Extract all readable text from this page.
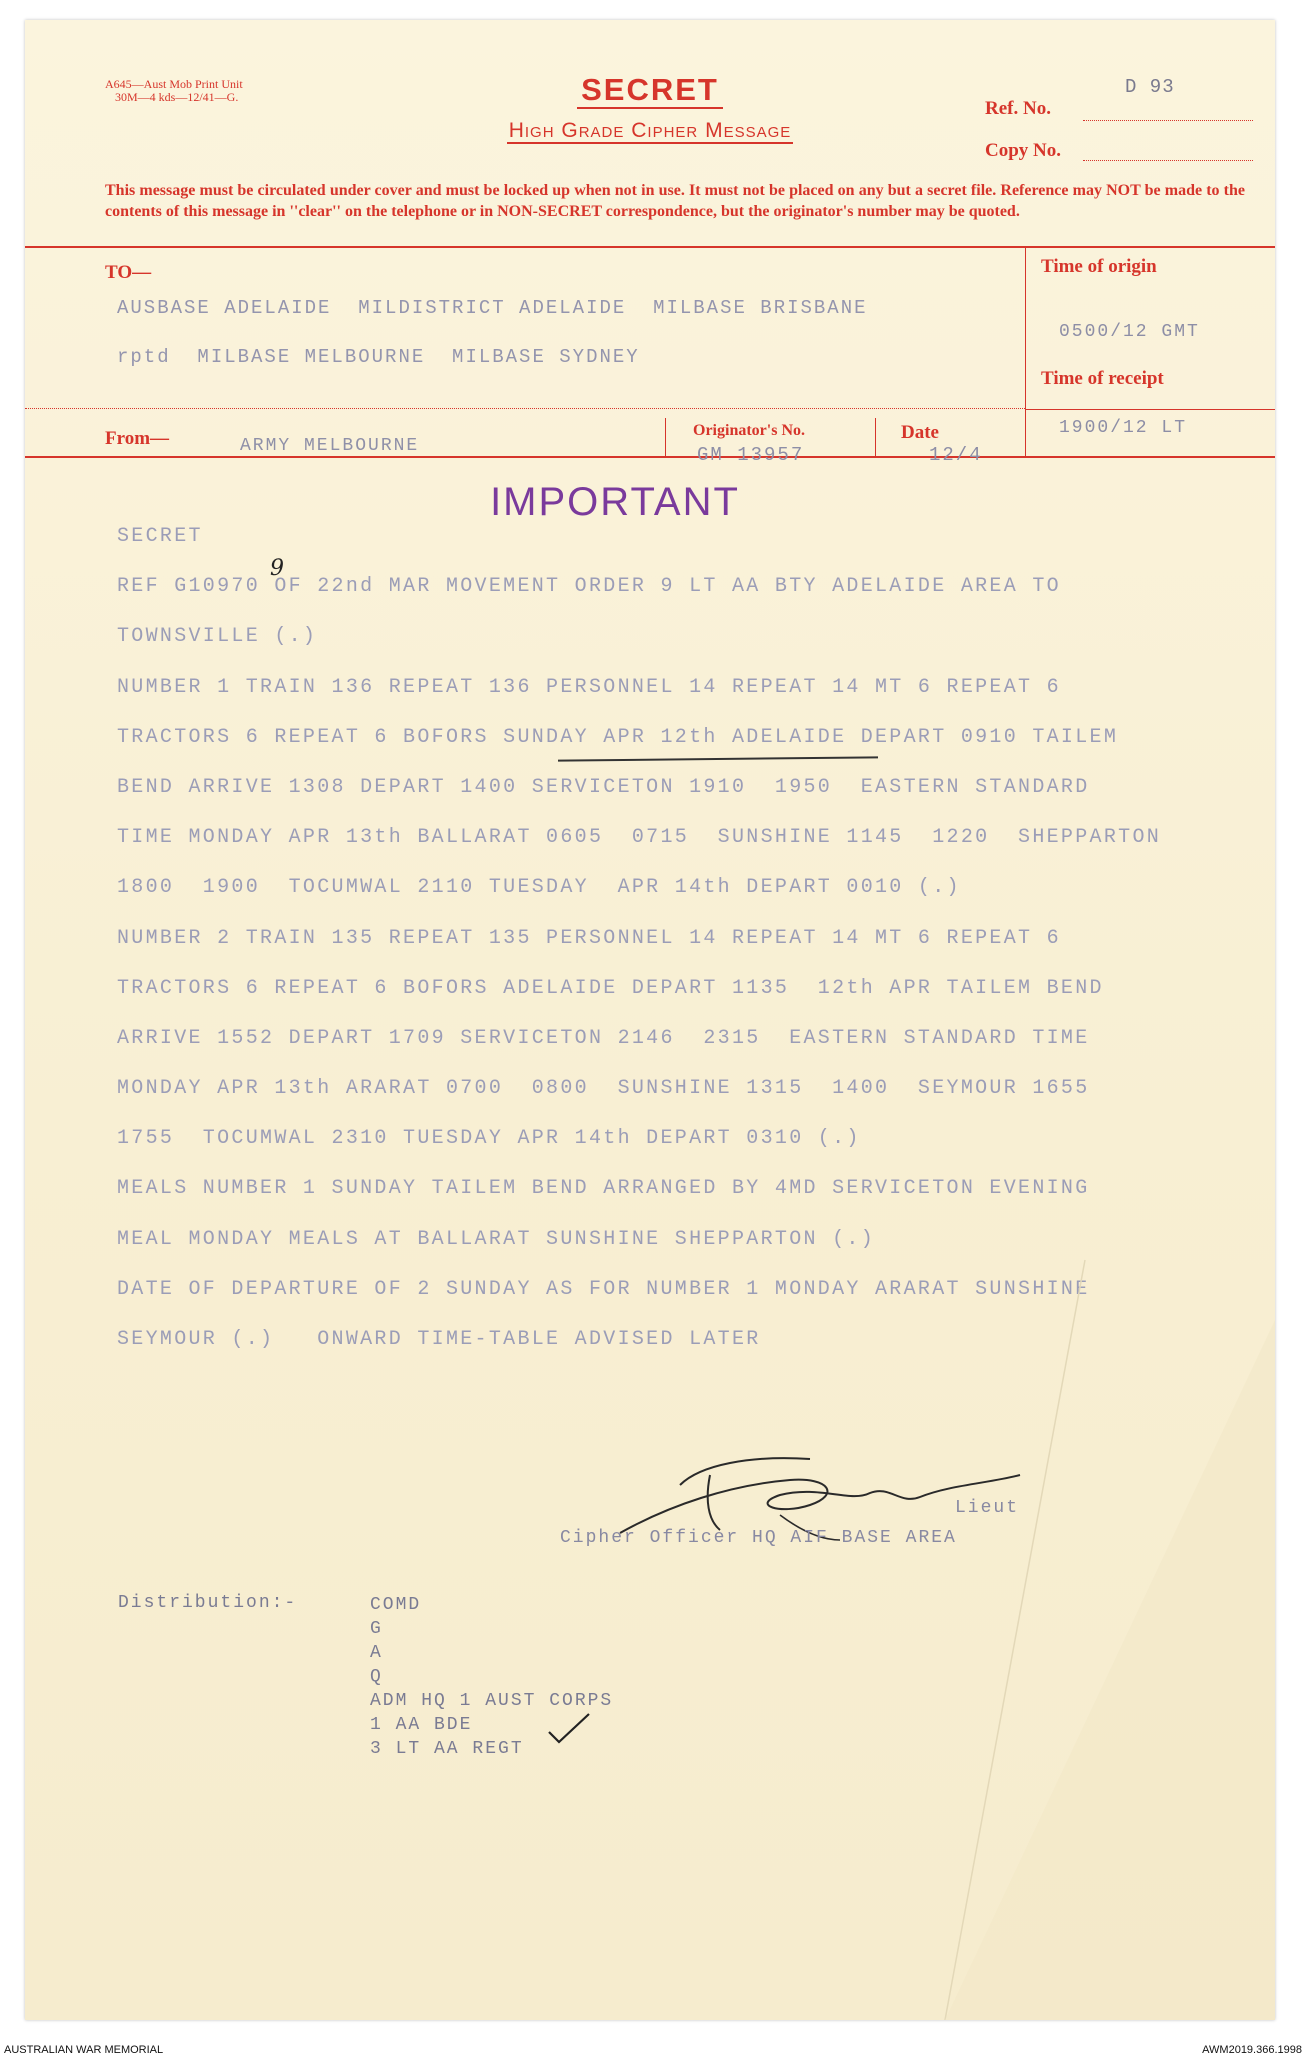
A645—Aust Mob Print Unit
30M—4 kds—12/41—G.	SECRET
High Grade Cipher Message
Ref. No.
D 93
Copy No.
This message must be circulated under cover and must be locked up when not in use. It must not be placed on any but a secret file. Reference may NOT be made to the contents of this message in ''clear'' on the telephone or in NON-SECRET correspondence, but the originator's number may be quoted.
TO—
AUSBASE ADELAIDE  MILDISTRICT ADELAIDE  MILBASE BRISBANE
rptd  MILBASE MELBOURNE  MILBASE SYDNEY
Time of origin
0500/12 GMT
Time of receipt
1900/12 LT
From—	ARMY MELBOURNE
Originator's No.
GM 13957
Date
12/4
IMPORTANT
SECRET
REF G10970 OF 22nd MAR MOVEMENT ORDER 9 LT AA BTY ADELAIDE AREA TO
TOWNSVILLE (.)
NUMBER 1 TRAIN 136 REPEAT 136 PERSONNEL 14 REPEAT 14 MT 6 REPEAT 6
TRACTORS 6 REPEAT 6 BOFORS SUNDAY APR 12th ADELAIDE DEPART 0910 TAILEM
BEND ARRIVE 1308 DEPART 1400 SERVICETON 1910  1950  EASTERN STANDARD
TIME MONDAY APR 13th BALLARAT 0605  0715  SUNSHINE 1145  1220  SHEPPARTON
1800  1900  TOCUMWAL 2110 TUESDAY  APR 14th DEPART 0010 (.)
NUMBER 2 TRAIN 135 REPEAT 135 PERSONNEL 14 REPEAT 14 MT 6 REPEAT 6
TRACTORS 6 REPEAT 6 BOFORS ADELAIDE DEPART 1135  12th APR TAILEM BEND
ARRIVE 1552 DEPART 1709 SERVICETON 2146  2315  EASTERN STANDARD TIME
MONDAY APR 13th ARARAT 0700  0800  SUNSHINE 1315  1400  SEYMOUR 1655
1755  TOCUMWAL 2310 TUESDAY APR 14th DEPART 0310 (.)
MEALS NUMBER 1 SUNDAY TAILEM BEND ARRANGED BY 4MD SERVICETON EVENING
MEAL MONDAY MEALS AT BALLARAT SUNSHINE SHEPPARTON (.)
DATE OF DEPARTURE OF 2 SUNDAY AS FOR NUMBER 1 MONDAY ARARAT SUNSHINE
SEYMOUR (.)   ONWARD TIME-TABLE ADVISED LATER
9
Lieut
Cipher Officer HQ AIF BASE AREA
Distribution:-	COMD
G
A
Q
ADM HQ 1 AUST CORPS
1 AA BDE
3 LT AA REGT
AUSTRALIAN WAR MEMORIAL	AWM2019.366.1998
